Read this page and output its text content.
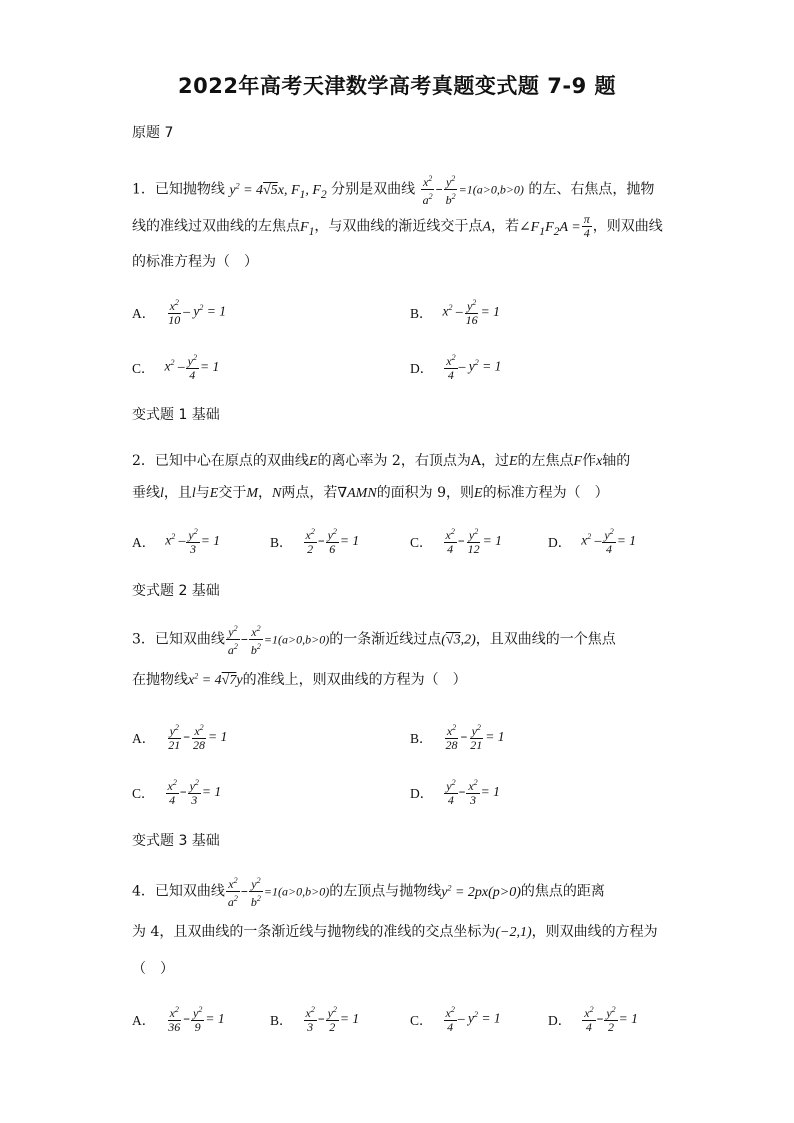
2022年高考天津数学高考真题变式题 7-9 题
原题 7
1．已知抛物线 $y^2 = 4√5x$, $F_1$, $F_2$ 分别是双曲线 $\frac{x^2}{a^2} - \frac{y^2}{b^2} =1(a>0,b>0)$ 的左、右焦点，抛物
线的准线过双曲线的左焦点$F_1$，与双曲线的渐近线交于点A，若$\angle F_1F_2A = \frac{\pi}{4}$ ，则双曲线
的标准方程为（　）
A． $\frac{x^2}{10} - y^2 = 1$	B． $x^2 - \frac{y^2}{16} = 1$
C． $x^2 - \frac{y^2}{4} = 1$	D． $\frac{x^2}{4} - y^2 = 1$
变式题 1 基础
2．已知中心在原点的双曲线E的离心率为 2，右顶点为A，过E的左焦点F作x轴的
垂线l，且l与E交于M，N两点，若∇AMN的面积为 9，则E的标准方程为（　）
A． $x^2 - \frac{y^2}{3} = 1$	B． $\frac{x^2}{2} - \frac{y^2}{6} = 1$	C． $\frac{x^2}{4} - \frac{y^2}{12} = 1$	D． $x^2 - \frac{y^2}{4} = 1$
变式题 2 基础
3．已知双曲线 $\frac{y^2}{a^2} - \frac{x^2}{b^2} =1(a>0,b>0)$的一条渐近线过点(√3,2)，且双曲线的一个焦点
在抛物线$x^2 = 4√7y$的准线上，则双曲线的方程为（　）
A． $\frac{y^2}{21} - \frac{x^2}{28} = 1$	B． $\frac{x^2}{28} - \frac{y^2}{21} = 1$
C． $\frac{x^2}{4} - \frac{y^2}{3} = 1$	D． $\frac{y^2}{4} - \frac{x^2}{3} = 1$
变式题 3 基础
4．已知双曲线 $\frac{x^2}{a^2} - \frac{y^2}{b^2} =1(a>0,b>0)$的左顶点与抛物线$y^2 = 2px(p>0)$的焦点的距离
为 4，且双曲线的一条渐近线与抛物线的准线的交点坐标为(−2,1)，则双曲线的方程为
（　）
A． $\frac{x^2}{36} - \frac{y^2}{9} = 1$	B． $\frac{x^2}{3} - \frac{y^2}{2} = 1$	C． $\frac{x^2}{4} - y^2 = 1$	D． $\frac{x^2}{4} - \frac{y^2}{2} = 1$
